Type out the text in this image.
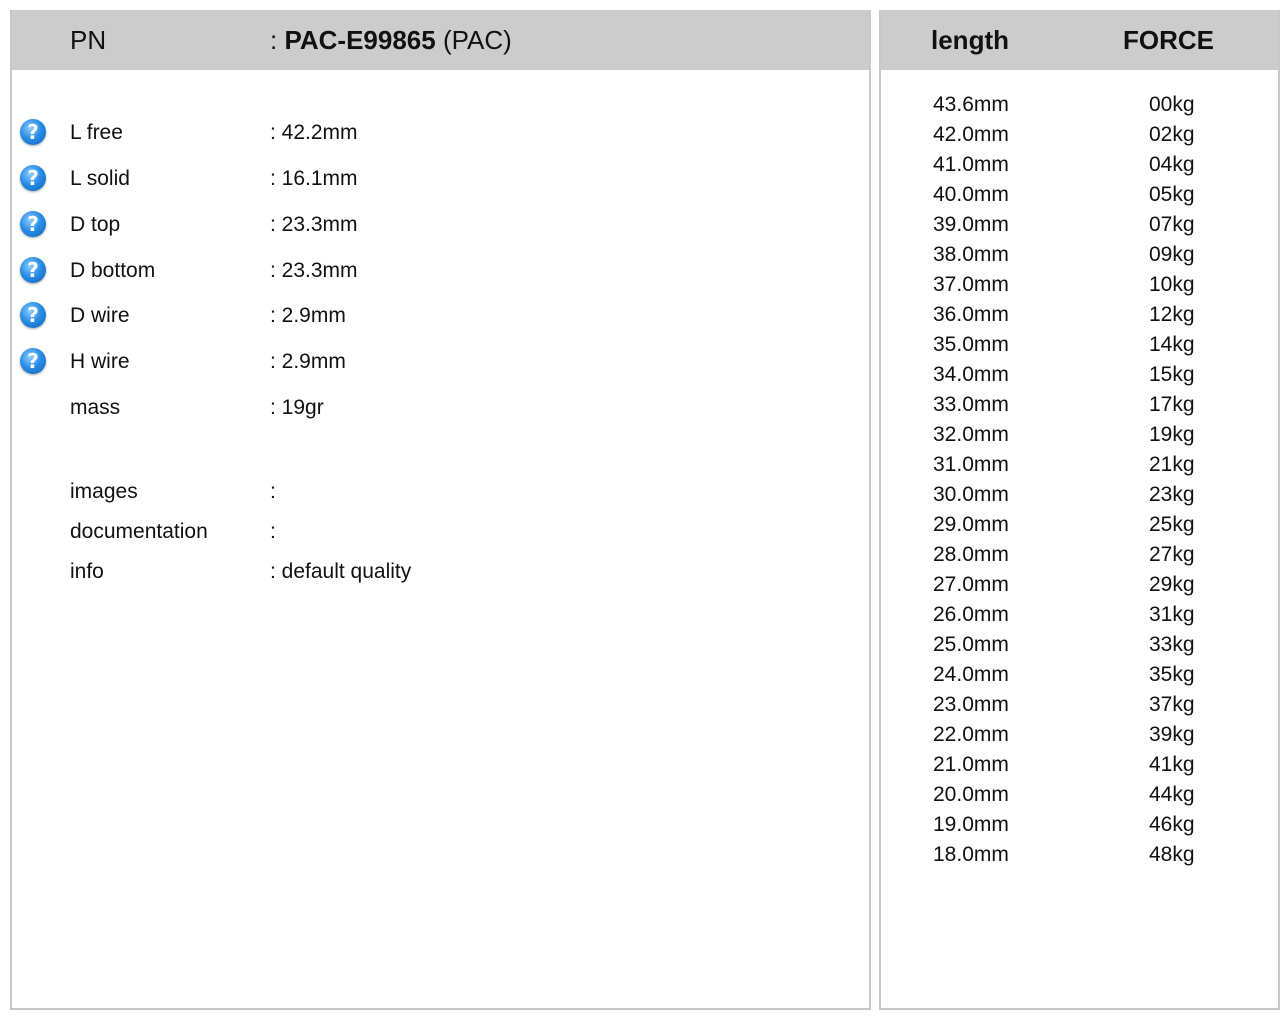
PN	: PAC-E99865 (PAC)
?	L free	: 42.2mm
?	L solid	: 16.1mm
?	D top	: 23.3mm
?	D bottom	: 23.3mm
?	D wire	: 2.9mm
?	H wire	: 2.9mm
mass	: 19gr
images	:
documentation	:
info	: default quality
length	FORCE
43.6mm	00kg
42.0mm	02kg
41.0mm	04kg
40.0mm	05kg
39.0mm	07kg
38.0mm	09kg
37.0mm	10kg
36.0mm	12kg
35.0mm	14kg
34.0mm	15kg
33.0mm	17kg
32.0mm	19kg
31.0mm	21kg
30.0mm	23kg
29.0mm	25kg
28.0mm	27kg
27.0mm	29kg
26.0mm	31kg
25.0mm	33kg
24.0mm	35kg
23.0mm	37kg
22.0mm	39kg
21.0mm	41kg
20.0mm	44kg
19.0mm	46kg
18.0mm	48kg
